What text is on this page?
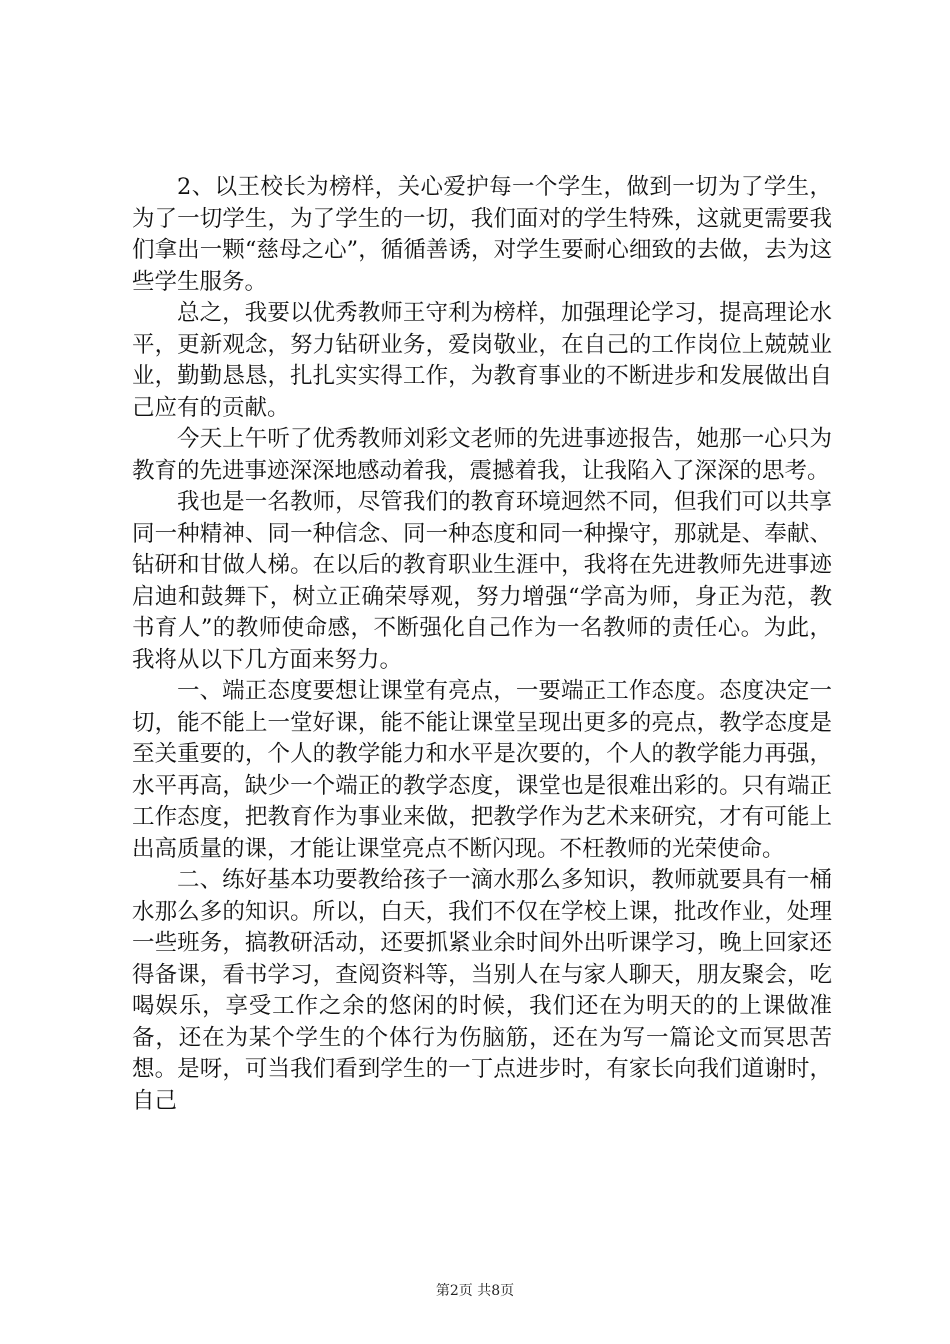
2、以王校长为榜样，关心爱护每一个学生，做到一切为了学生，为了一切学生，为了学生的一切，我们面对的学生特殊，这就更需要我们拿出一颗“慈母之心”，循循善诱，对学生要耐心细致的去做，去为这些学生服务。

总之，我要以优秀教师王守利为榜样，加强理论学习，提高理论水平，更新观念，努力钻研业务，爱岗敬业，在自己的工作岗位上兢兢业业，勤勤恳恳，扎扎实实得工作，为教育事业的不断进步和发展做出自己应有的贡献。

今天上午听了优秀教师刘彩文老师的先进事迹报告，她那一心只为教育的先进事迹深深地感动着我，震撼着我，让我陷入了深深的思考。

我也是一名教师，尽管我们的教育环境迥然不同，但我们可以共享同一种精神、同一种信念、同一种态度和同一种操守，那就是、奉献、钻研和甘做人梯。在以后的教育职业生涯中，我将在先进教师先进事迹启迪和鼓舞下，树立正确荣辱观，努力增强“学高为师，身正为范，教书育人”的教师使命感，不断强化自己作为一名教师的责任心。为此，我将从以下几方面来努力。

一、端正态度要想让课堂有亮点，一要端正工作态度。态度决定一切，能不能上一堂好课，能不能让课堂呈现出更多的亮点，教学态度是至关重要的，个人的教学能力和水平是次要的，个人的教学能力再强，水平再高，缺少一个端正的教学态度，课堂也是很难出彩的。只有端正工作态度，把教育作为事业来做，把教学作为艺术来研究，才有可能上出高质量的课，才能让课堂亮点不断闪现。不枉教师的光荣使命。

二、练好基本功要教给孩子一滴水那么多知识，教师就要具有一桶水那么多的知识。所以，白天，我们不仅在学校上课，批改作业，处理一些班务，搞教研活动，还要抓紧业余时间外出听课学习，晚上回家还得备课，看书学习，查阅资料等，当别人在与家人聊天，朋友聚会，吃喝娱乐，享受工作之余的悠闲的时候，我们还在为明天的的上课做准备，还在为某个学生的个体行为伤脑筋，还在为写一篇论文而冥思苦想。是呀，可当我们看到学生的一丁点进步时，有家长向我们道谢时，自己

第2页 共8页
